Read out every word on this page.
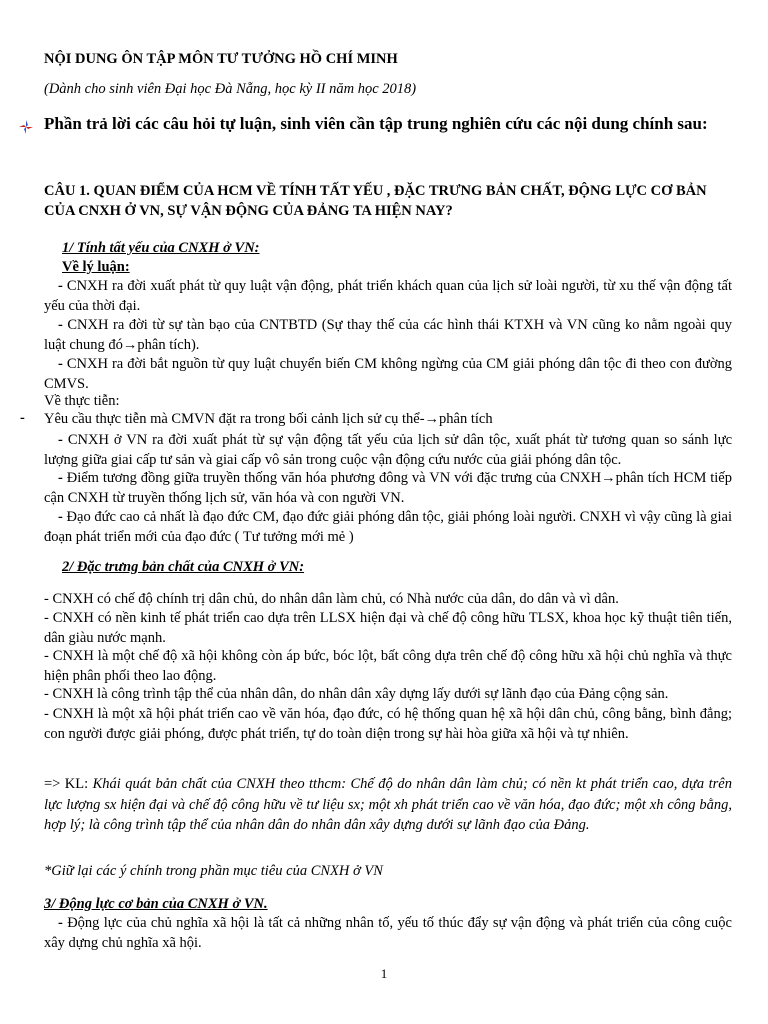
NỘI DUNG ÔN TẬP MÔN TƯ TƯỞNG HỒ CHÍ MINH
(Dành cho sinh viên Đại học Đà Nẵng, học kỳ II năm học 2018)
Phần trả lời các câu hỏi tự luận, sinh viên cần tập trung nghiên cứu các nội dung chính sau:
CÂU 1. QUAN ĐIỂM CỦA HCM VỀ TÍNH TẤT YẾU , ĐẶC TRƯNG BẢN CHẤT, ĐỘNG LỰC CƠ BẢN CỦA CNXH Ở VN, SỰ VẬN ĐỘNG CỦA ĐẢNG TA HIỆN NAY?
1/ Tính tất yếu của CNXH ở VN:
Về lý luận:
- CNXH ra đời xuất phát từ quy luật vận động, phát triển khách quan của lịch sử loài người, từ xu thế vận động tất yếu của thời đại.
- CNXH ra đời từ sự tàn bạo của CNTBTD (Sự thay thế của các hình thái KTXH và VN cũng ko nằm ngoài quy luật chung đó→phân tích).
- CNXH ra đời bắt nguồn từ quy luật chuyển biến CM không ngừng của CM giải phóng dân tộc đi theo con đường CMVS.
Về thực tiễn:
- Yêu cầu thực tiễn mà CMVN đặt ra trong bối cảnh lịch sử cụ thể-→phân tích
- CNXH ở VN ra đời xuất phát từ sự vận động tất yếu của lịch sử dân tộc, xuất phát từ tương quan so sánh lực lượng giữa giai cấp tư sản và giai cấp vô sản trong cuộc vận động cứu nước của giải phóng dân tộc.
- Điểm tương đồng giữa truyền thống văn hóa phương đông và VN với đặc trưng của CNXH→phân tích HCM tiếp cận CNXH từ truyền thống lịch sử, văn hóa và con người VN.
- Đạo đức cao cả nhất là đạo đức CM, đạo đức giải phóng dân tộc, giải phóng loài người. CNXH vì vậy cũng là giai đoạn phát triển mới của đạo đức ( Tư tưởng mới mẻ )
2/ Đặc trưng bản chất của CNXH ở VN:
- CNXH có chế độ chính trị dân chủ, do nhân dân làm chủ, có Nhà nước của dân, do dân và vì dân.
- CNXH có nền kinh tế phát triển cao dựa trên LLSX hiện đại và chế độ công hữu TLSX, khoa học kỹ thuật tiên tiến, dân giàu nước mạnh.
- CNXH là một chế độ xã hội không còn áp bức, bóc lột, bất công dựa trên chế độ công hữu xã hội chủ nghĩa và thực hiện phân phối theo lao động.
- CNXH là công trình tập thể của nhân dân, do nhân dân xây dựng lấy dưới sự lãnh đạo của Đảng cộng sản.
- CNXH là một xã hội phát triển cao về văn hóa, đạo đức, có hệ thống quan hệ xã hội dân chủ, công bằng, bình đẳng; con người được giải phóng, được phát triển, tự do toàn diện trong sự hài hòa giữa xã hội và tự nhiên.
=> KL: Khái quát bản chất của CNXH theo tthcm: Chế độ do nhân dân làm chủ; có nền kt phát triển cao, dựa trên lực lượng sx hiện đại và chế độ công hữu về tư liệu sx; một xh phát triển cao về văn hóa, đạo đức; một xh công bằng, hợp lý; là công trình tập thể của nhân dân do nhân dân xây dựng dưới sự lãnh đạo của Đảng.
*Giữ lại các ý chính trong phần mục tiêu của CNXH ở VN
3/ Động lực cơ bản của CNXH ở VN.
- Động lực của chủ nghĩa xã hội là tất cả những nhân tố, yếu tố thúc đẩy sự vận động và phát triển của công cuộc xây dựng chủ nghĩa xã hội.
1
